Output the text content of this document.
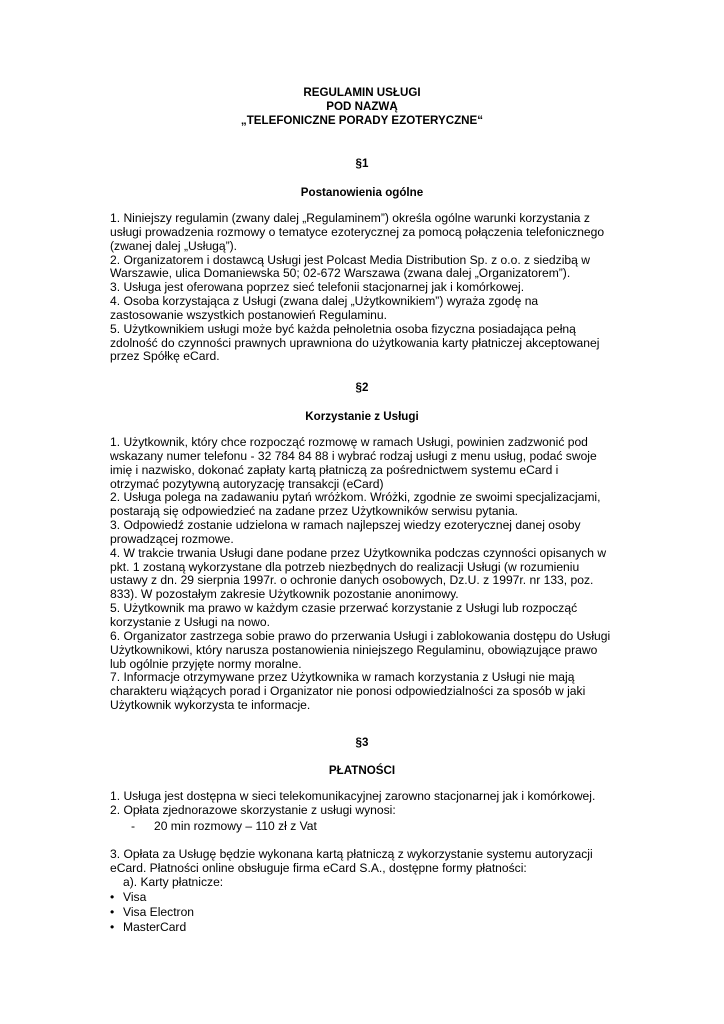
REGULAMIN USŁUGI
POD NAZWĄ
„TELEFONICZNE PORADY EZOTERYCZNE“

§1

Postanowienia ogólne

1. Niniejszy regulamin (zwany dalej „Regulaminem”) określa ogólne warunki korzystania z
usługi prowadzenia rozmowy o tematyce ezoterycznej za pomocą połączenia telefonicznego
(zwanej dalej „Usługą”).
2. Organizatorem i dostawcą Usługi jest Polcast Media Distribution Sp. z o.o. z siedzibą w
Warszawie, ulica Domaniewska 50; 02-672 Warszawa (zwana dalej „Organizatorem”).
3. Usługa jest oferowana poprzez sieć telefonii stacjonarnej jak i komórkowej.
4. Osoba korzystająca z Usługi (zwana dalej „Użytkownikiem”) wyraża zgodę na
zastosowanie wszystkich postanowień Regulaminu.
5. Użytkownikiem usługi może być każda pełnoletnia osoba fizyczna posiadająca pełną
zdolność do czynności prawnych uprawniona do użytkowania karty płatniczej akceptowanej
przez Spółkę eCard.

§2

Korzystanie z Usługi

1. Użytkownik, który chce rozpocząć rozmowę w ramach Usługi, powinien zadzwonić pod
wskazany numer telefonu - 32 784 84 88 i wybrać rodzaj usługi z menu usług, podać swoje
imię i nazwisko, dokonać zapłaty kartą płatniczą za pośrednictwem systemu eCard i
otrzymać pozytywną autoryzację transakcji (eCard)
2. Usługa polega na zadawaniu pytań wróżkom. Wróżki, zgodnie ze swoimi specjalizacjami,
postarają się odpowiedzieć na zadane przez Użytkowników serwisu pytania.
3. Odpowiedź zostanie udzielona w ramach najlepszej wiedzy ezoterycznej danej osoby
prowadzącej rozmowe.
4. W trakcie trwania Usługi dane podane przez Użytkownika podczas czynności opisanych w
pkt. 1 zostaną wykorzystane dla potrzeb niezbędnych do realizacji Usługi (w rozumieniu
ustawy z dn. 29 sierpnia 1997r. o ochronie danych osobowych, Dz.U. z 1997r. nr 133, poz.
833). W pozostałym zakresie Użytkownik pozostanie anonimowy.
5. Użytkownik ma prawo w każdym czasie przerwać korzystanie z Usługi lub rozpocząć
korzystanie z Usługi na nowo.
6. Organizator zastrzega sobie prawo do przerwania Usługi i zablokowania dostępu do Usługi
Użytkownikowi, który narusza postanowienia niniejszego Regulaminu, obowiązujące prawo
lub ogólnie przyjęte normy moralne.
7. Informacje otrzymywane przez Użytkownika w ramach korzystania z Usługi nie mają
charakteru wiążących porad i Organizator nie ponosi odpowiedzialności za sposób w jaki
Użytkownik wykorzysta te informacje.

§3

PŁATNOŚCI

1. Usługa jest dostępna w sieci telekomunikacyjnej zarowno stacjonarnej jak i komórkowej.
2. Opłata zjednorazowe skorzystanie z usługi wynosi:

- 20 min rozmowy – 110 zł z Vat

3. Opłata za Usługę będzie wykonana kartą płatniczą z wykorzystanie systemu autoryzacji
eCard. Płatności online obsługuje firma eCard S.A., dostępne formy płatności:
a). Karty płatnicze:
• Visa
• Visa Electron
• MasterCard
